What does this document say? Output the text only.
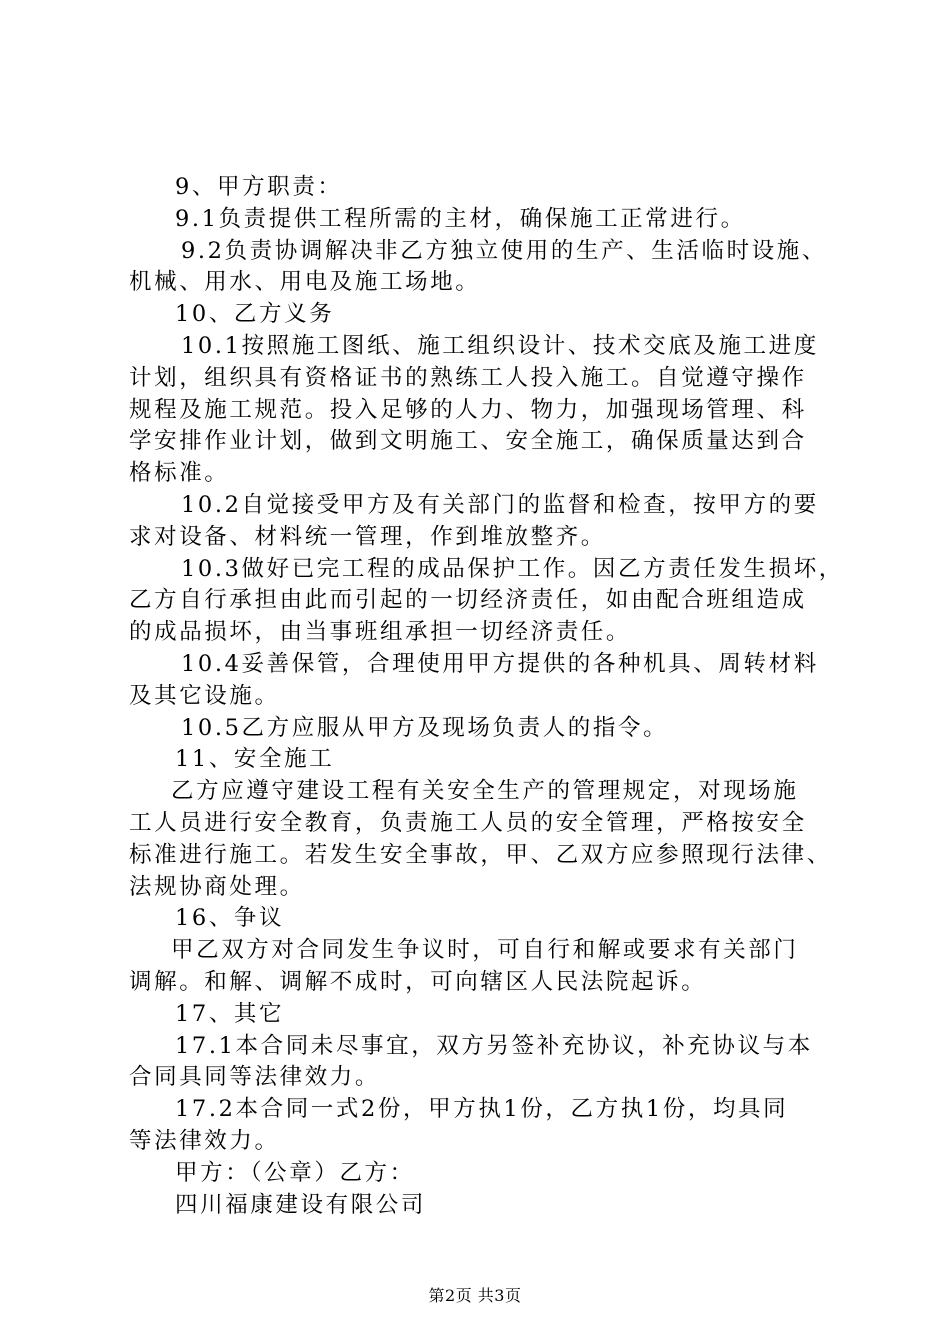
9、甲方职责：
9.1负责提供工程所需的主材，确保施工正常进行。
9.2负责协调解决非乙方独立使用的生产、生活临时设施、
机械、用水、用电及施工场地。
10、乙方义务
10.1按照施工图纸、施工组织设计、技术交底及施工进度
计划，组织具有资格证书的熟练工人投入施工。自觉遵守操作
规程及施工规范。投入足够的人力、物力，加强现场管理、科
学安排作业计划，做到文明施工、安全施工，确保质量达到合
格标准。
10.2自觉接受甲方及有关部门的监督和检查，按甲方的要
求对设备、材料统一管理，作到堆放整齐。
10.3做好已完工程的成品保护工作。因乙方责任发生损坏，
乙方自行承担由此而引起的一切经济责任，如由配合班组造成
的成品损坏，由当事班组承担一切经济责任。
10.4妥善保管，合理使用甲方提供的各种机具、周转材料
及其它设施。
10.5乙方应服从甲方及现场负责人的指令。
11、安全施工
乙方应遵守建设工程有关安全生产的管理规定，对现场施
工人员进行安全教育，负责施工人员的安全管理，严格按安全
标准进行施工。若发生安全事故，甲、乙双方应参照现行法律、
法规协商处理。
16、争议
甲乙双方对合同发生争议时，可自行和解或要求有关部门
调解。和解、调解不成时，可向辖区人民法院起诉。
17、其它
17.1本合同未尽事宜，双方另签补充协议，补充协议与本
合同具同等法律效力。
17.2本合同一式2份，甲方执1份，乙方执1份，均具同
等法律效力。
甲方：（公章）乙方：
四川福康建设有限公司
第2页 共3页
